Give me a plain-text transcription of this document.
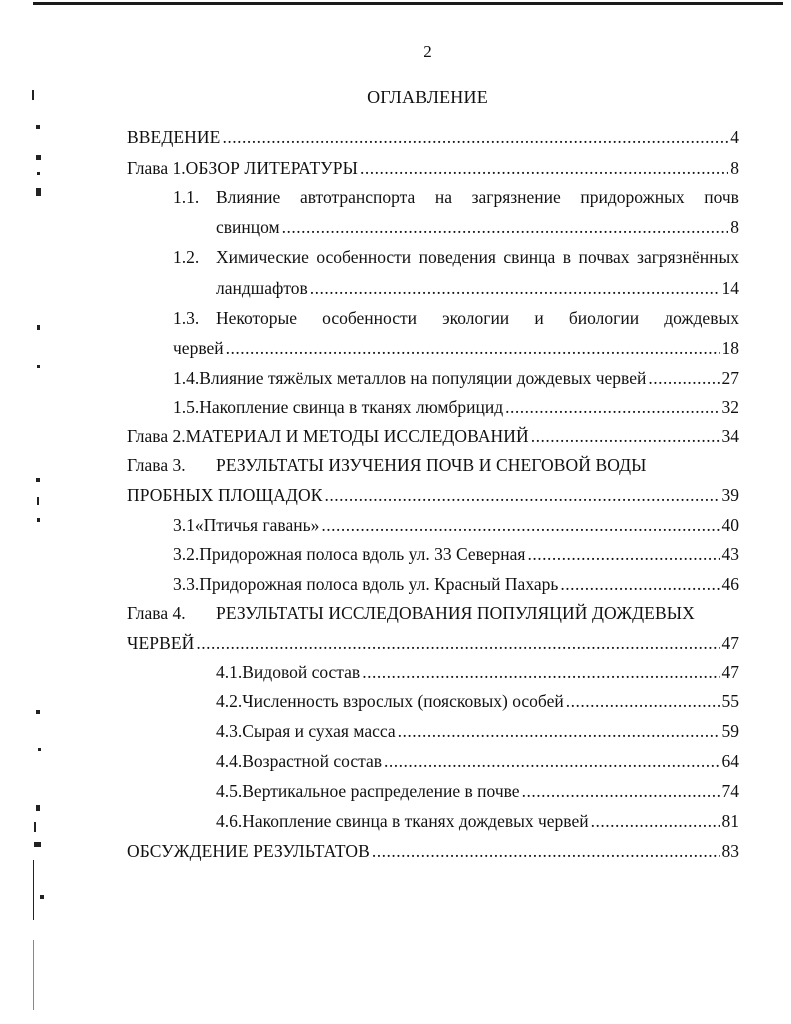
2
ОГЛАВЛЕНИЕ
ВВЕДЕНИЕ .....	4
Глава 1. ОБЗОР ЛИТЕРАТУРЫ .....	8
1.1. Влияние автотранспорта на загрязнение придорожных почв
свинцом .....	8
1.2. Химические особенности поведения свинца в почвах загрязнённых
ландшафтов .....	14
1.3. Некоторые особенности экологии и биологии дождевых
червей .....	18
1.4. Влияние тяжёлых металлов на популяции дождевых червей .....	27
1.5. Накопление свинца в тканях люмбрицид .....	32
Глава 2. МАТЕРИАЛ И МЕТОДЫ ИССЛЕДОВАНИЙ .....	34
Глава 3.	РЕЗУЛЬТАТЫ ИЗУЧЕНИЯ ПОЧВ И СНЕГОВОЙ ВОДЫ
ПРОБНЫХ ПЛОЩАДОК .....	39
3.1 «Птичья гавань» .....	40
3.2. Придорожная полоса вдоль ул. 33 Северная .....	43
3.3. Придорожная полоса вдоль ул. Красный Пахарь .....	46
Глава 4.	РЕЗУЛЬТАТЫ ИССЛЕДОВАНИЯ ПОПУЛЯЦИЙ ДОЖДЕВЫХ
ЧЕРВЕЙ .....	47
4.1. Видовой состав .....	47
4.2. Численность взрослых (поясковых) особей .....	55
4.3. Сырая и сухая масса .....	59
4.4. Возрастной состав .....	64
4.5. Вертикальное распределение в почве .....	74
4.6. Накопление свинца в тканях дождевых червей .....	81
ОБСУЖДЕНИЕ РЕЗУЛЬТАТОВ .....	83
